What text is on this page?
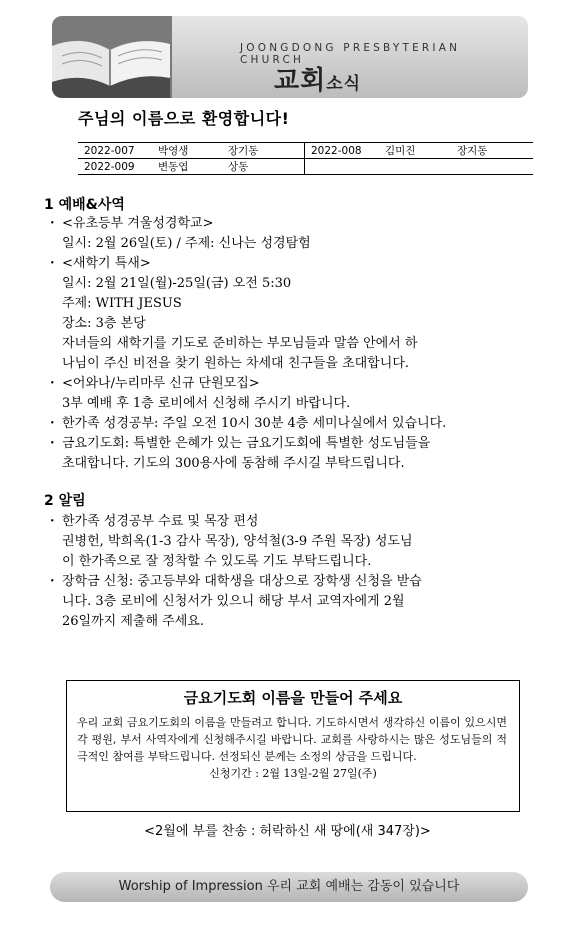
JOONGDONG PRESBYTERIAN CHURCH
교회소식
주님의 이름으로 환영합니다!
2022-007	박영생	장기동	2022-008	김미진	장지동
2022-009	변동엽	상동			
1 예배&사역
· <유초등부 겨울성경학교>
일시: 2월 26일(토) / 주제: 신나는 성경탐험
· <새학기 특새>
일시: 2월 21일(월)-25일(금) 오전 5:30
주제: WITH JESUS
장소: 3층 본당
자녀들의 새학기를 기도로 준비하는 부모님들과 말씀 안에서 하
나님이 주신 비전을 찾기 원하는 차세대 친구들을 초대합니다.
· <어와나/누리마루 신규 단원모집>
3부 예배 후 1층 로비에서 신청해 주시기 바랍니다.
· 한가족 성경공부: 주일 오전 10시 30분 4층 세미나실에서 있습니다.
· 금요기도회: 특별한 은혜가 있는 금요기도회에 특별한 성도님들을
초대합니다. 기도의 300용사에 동참해 주시길 부탁드립니다.
2 알림
· 한가족 성경공부 수료 및 목장 편성
권병헌, 박희옥(1-3 감사 목장), 양석철(3-9 주원 목장) 성도님
이 한가족으로 잘 정착할 수 있도록 기도 부탁드립니다.
· 장학금 신청: 중고등부와 대학생을 대상으로 장학생 신청을 받습
니다. 3층 로비에 신청서가 있으니 해당 부서 교역자에게 2월
26일까지 제출해 주세요.
금요기도회 이름을 만들어 주세요
우리 교회 금요기도회의 이름을 만들려고 합니다. 기도하시면서 생각하신 이름이 있으시면 각 평원, 부서 사역자에게 신청해주시길 바랍니다. 교회를 사랑하시는 많은 성도님들의 적극적인 참여를 부탁드립니다. 선정되신 분께는 소정의 상금을 드립니다.
신청기간 : 2월 13일-2월 27일(주)
<2월에 부를 찬송 : 허락하신 새 땅에(새 347장)>
Worship of Impression 우리 교회 예배는 감동이 있습니다
